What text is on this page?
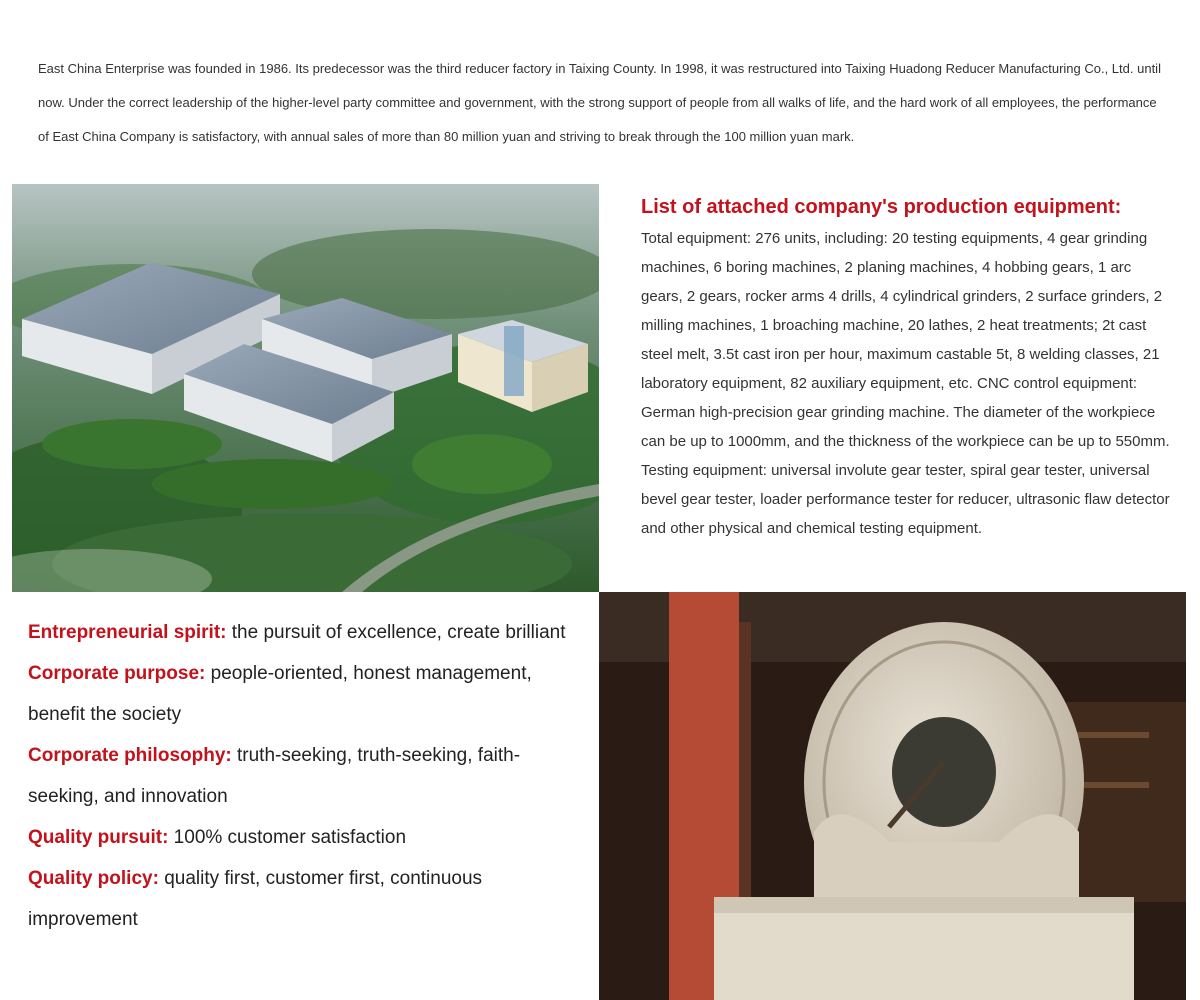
East China Enterprise was founded in 1986. Its predecessor was the third reducer factory in Taixing County. In 1998, it was restructured into Taixing Huadong Reducer Manufacturing Co., Ltd. until now. Under the correct leadership of the higher-level party committee and government, with the strong support of people from all walks of life, and the hard work of all employees, the performance of East China Company is satisfactory, with annual sales of more than 80 million yuan and striving to break through the 100 million yuan mark.
List of attached company's production equipment:

Total equipment: 276 units, including: 20 testing equipments, 4 gear grinding machines, 6 boring machines, 2 planing machines, 4 hobbing gears, 1 arc gears, 2 gears, rocker arms 4 drills, 4 cylindrical grinders, 2 surface grinders, 2 milling machines, 1 broaching machine, 20 lathes, 2 heat treatments; 2t cast steel melt, 3.5t cast iron per hour, maximum castable 5t, 8 welding classes, 21 laboratory equipment, 82 auxiliary equipment, etc. CNC control equipment: German high-precision gear grinding machine. The diameter of the workpiece can be up to 1000mm, and the thickness of the workpiece can be up to 550mm. Testing equipment: universal involute gear tester, spiral gear tester, universal bevel gear tester, loader performance tester for reducer, ultrasonic flaw detector and other physical and chemical testing equipment.

Entrepreneurial spirit: the pursuit of excellence, create brilliant
Corporate purpose: people-oriented, honest management, benefit the society
Corporate philosophy: truth-seeking, truth-seeking, faith-seeking, and innovation
Quality pursuit: 100% customer satisfaction
Quality policy: quality first, customer first, continuous improvement
